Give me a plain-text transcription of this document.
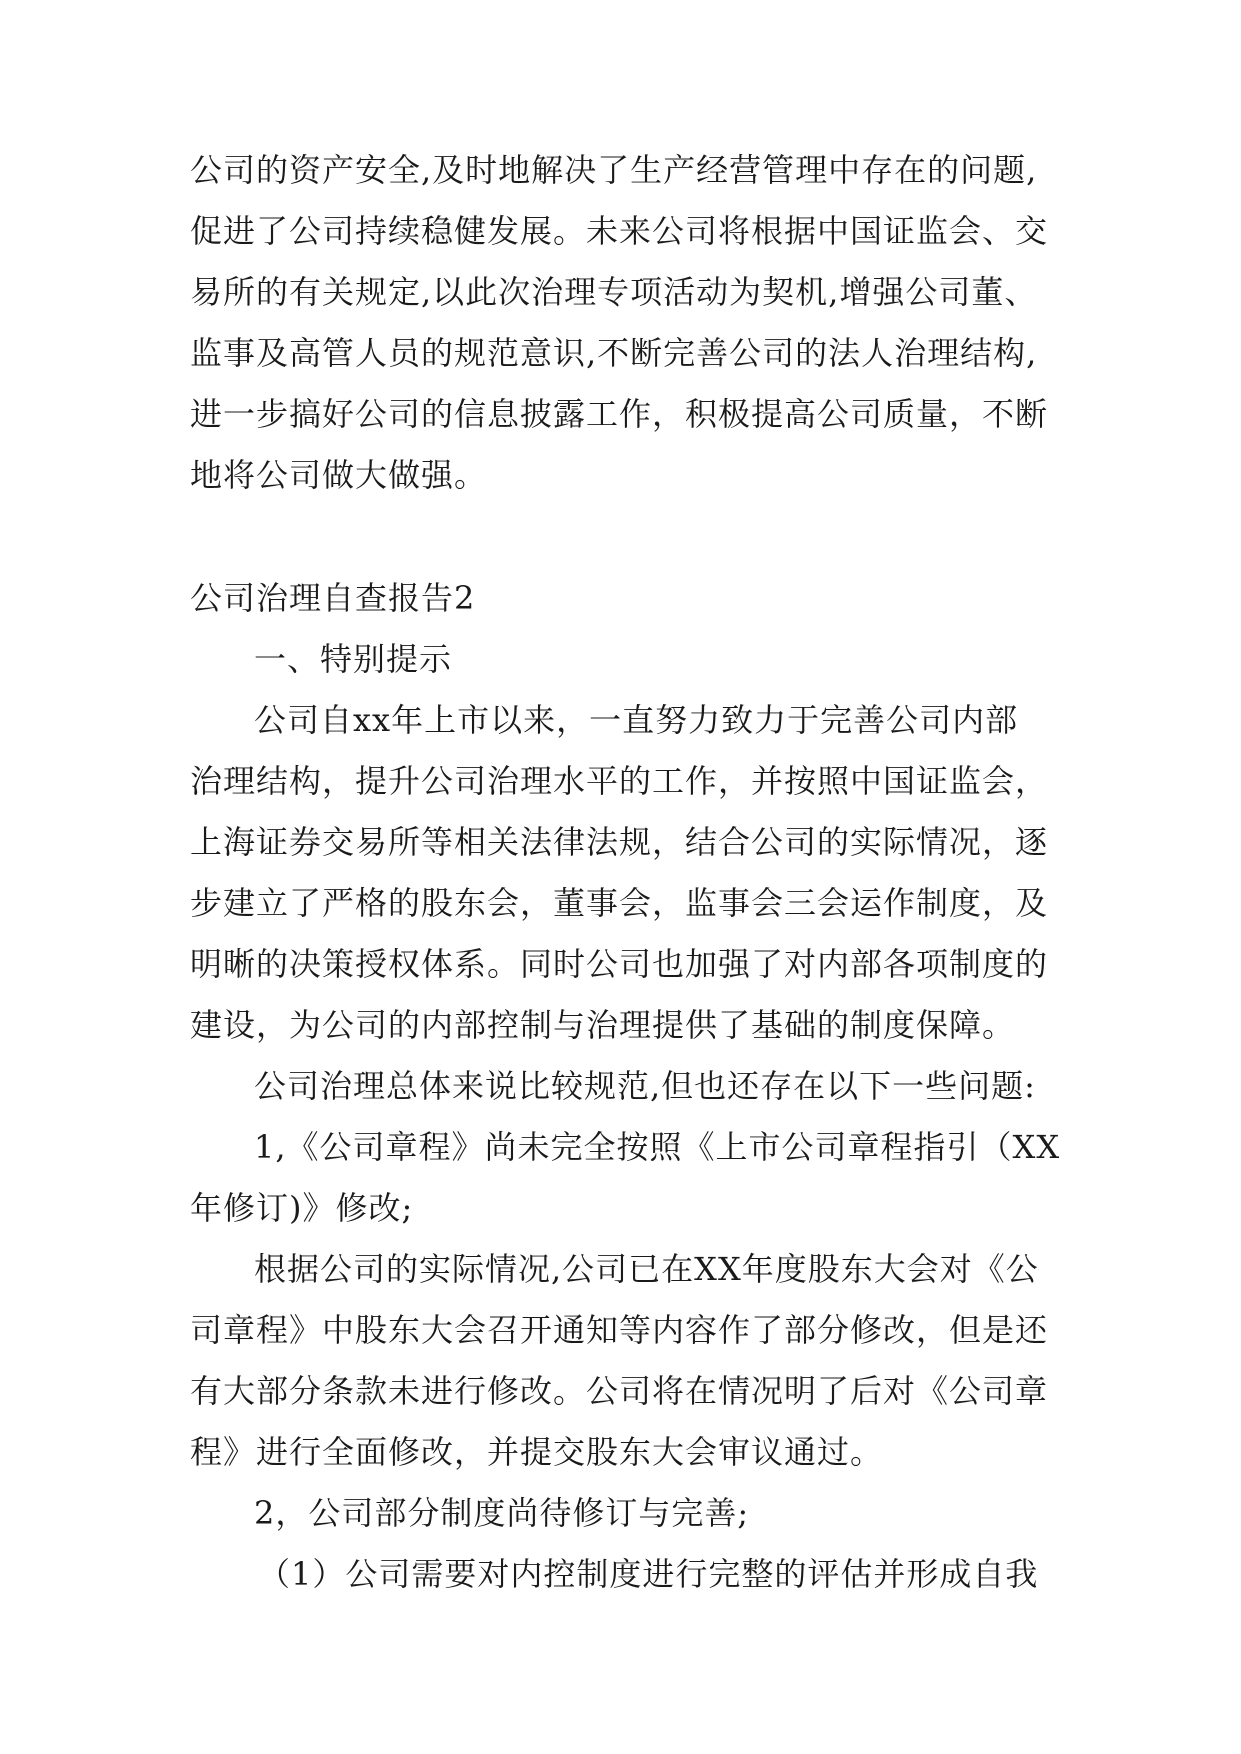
公司的资产安全,及时地解决了生产经营管理中存在的问题,
促进了公司持续稳健发展。未来公司将根据中国证监会、交
易所的有关规定,以此次治理专项活动为契机,增强公司董、
监事及高管人员的规范意识,不断完善公司的法人治理结构,
进一步搞好公司的信息披露工作，积极提高公司质量，不断
地将公司做大做强。
公司治理自查报告2
一、特别提示
公司自xx年上市以来，一直努力致力于完善公司内部
治理结构，提升公司治理水平的工作，并按照中国证监会，
上海证券交易所等相关法律法规，结合公司的实际情况，逐
步建立了严格的股东会，董事会，监事会三会运作制度，及
明晰的决策授权体系。同时公司也加强了对内部各项制度的
建设，为公司的内部控制与治理提供了基础的制度保障。
公司治理总体来说比较规范,但也还存在以下一些问题:
1,《公司章程》尚未完全按照《上市公司章程指引（XX
年修订)》修改;
根据公司的实际情况,公司已在XX年度股东大会对《公
司章程》中股东大会召开通知等内容作了部分修改，但是还
有大部分条款未进行修改。公司将在情况明了后对《公司章
程》进行全面修改，并提交股东大会审议通过。
2，公司部分制度尚待修订与完善;
（1）公司需要对内控制度进行完整的评估并形成自我
